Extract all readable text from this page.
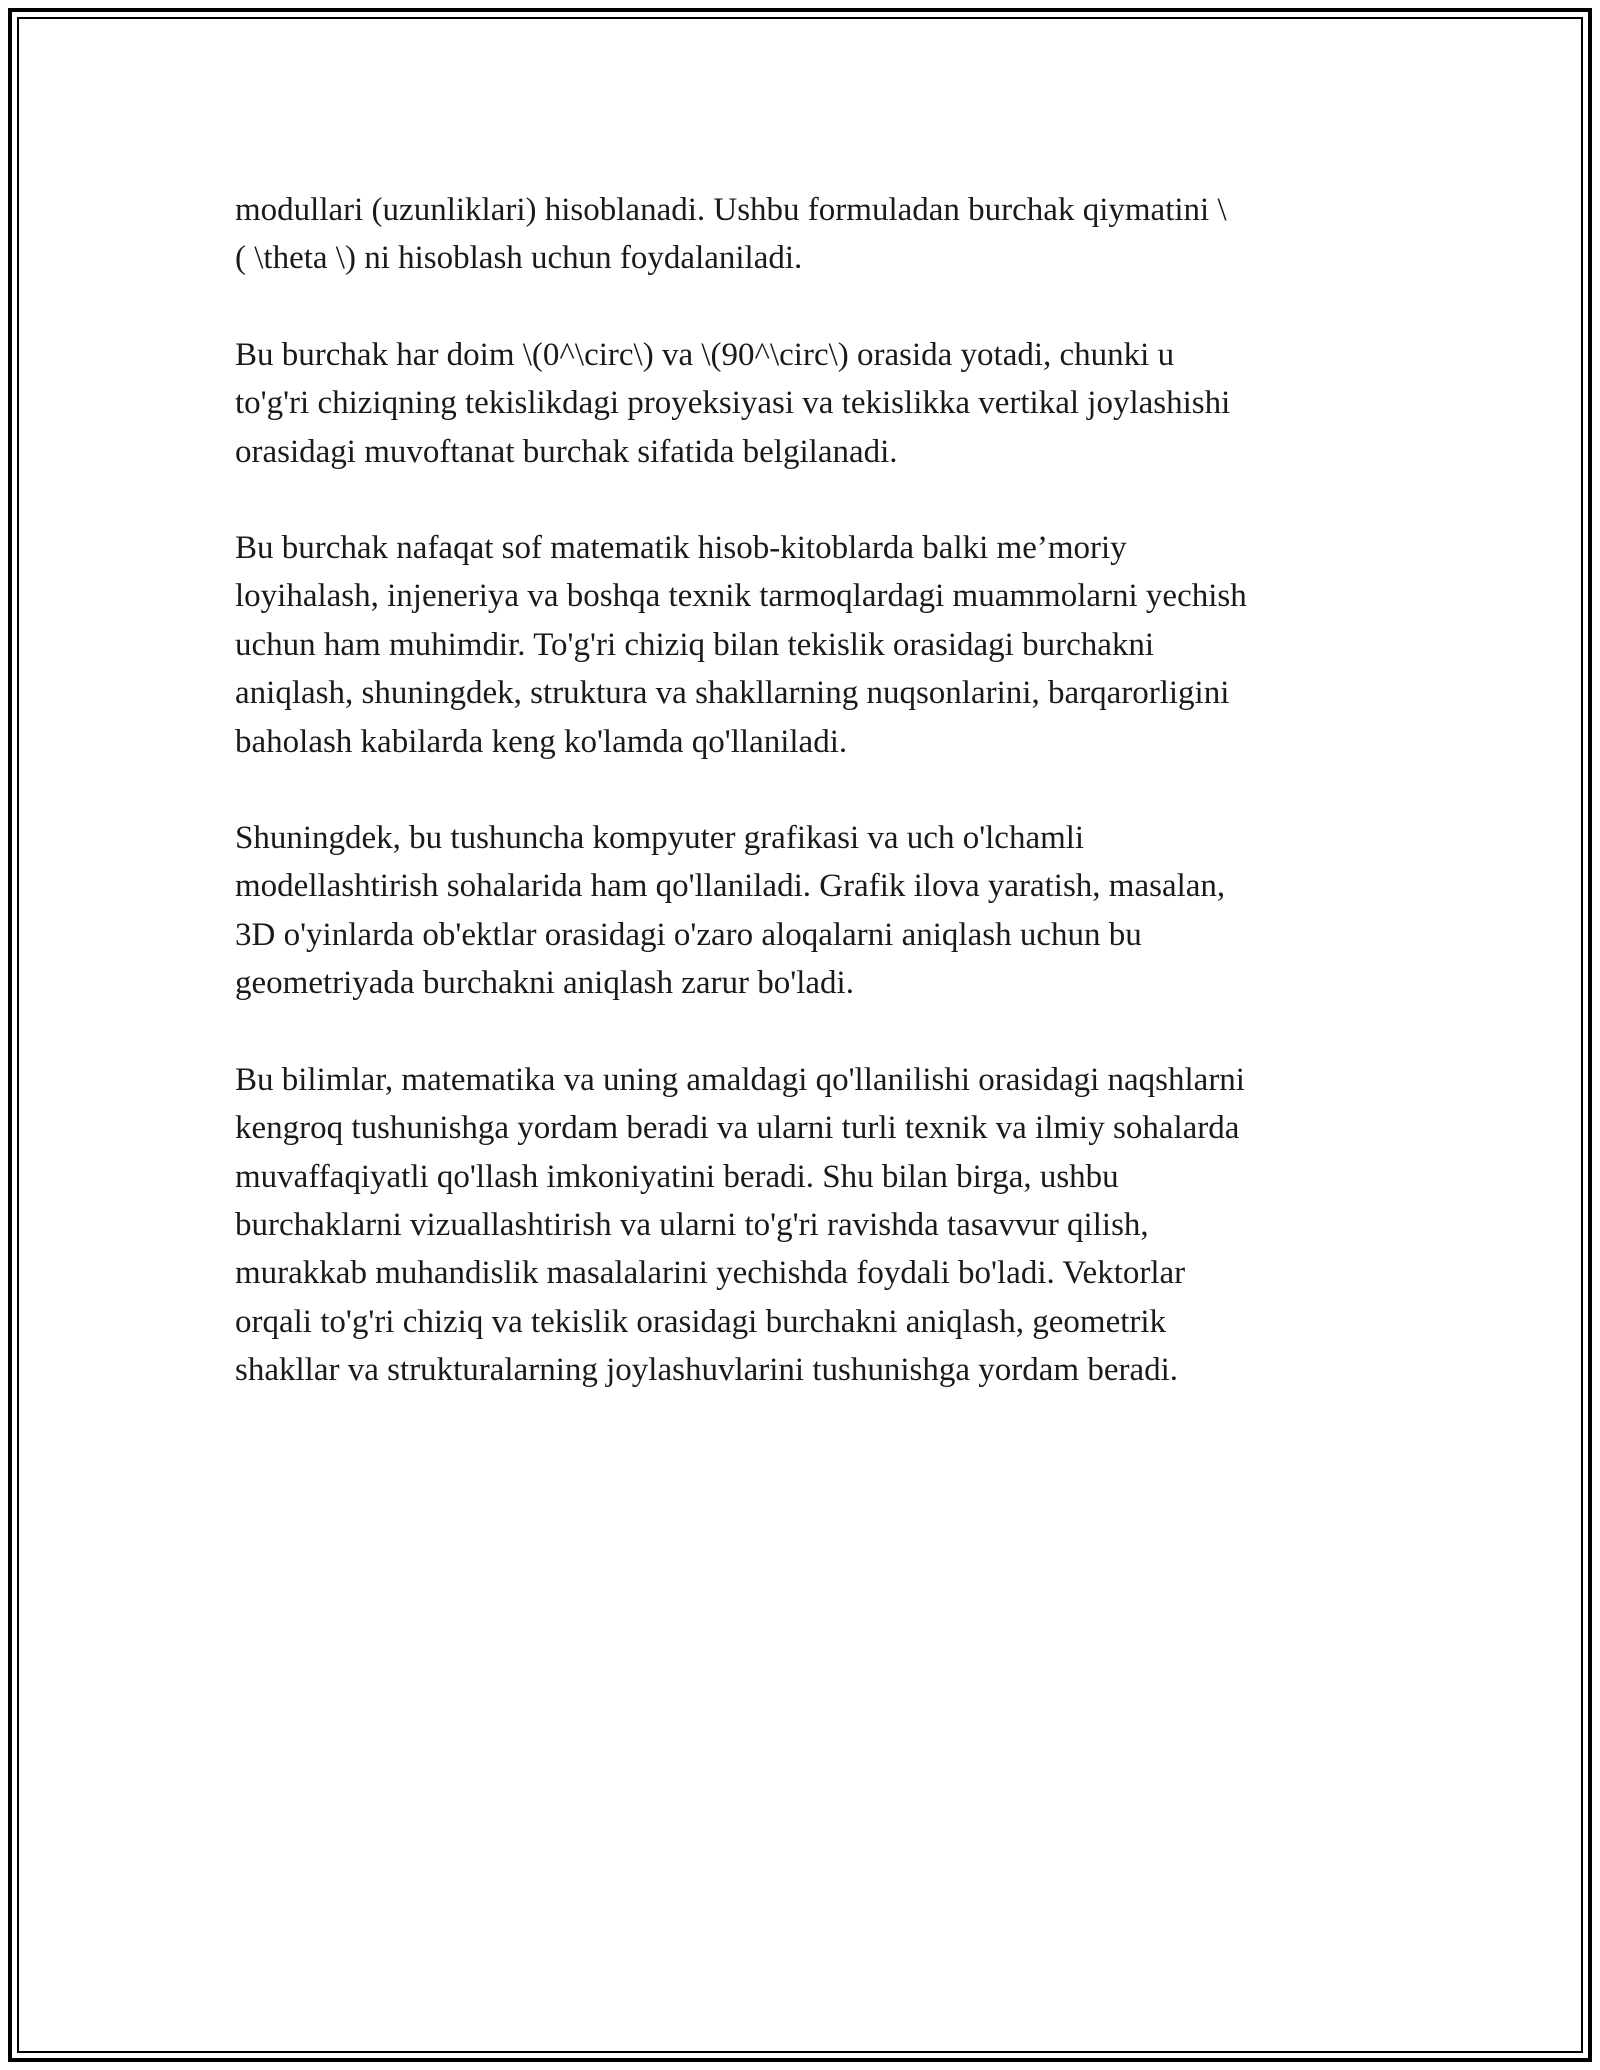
modullari (uzunliklari) hisoblanadi. Ushbu formuladan burchak qiymatini \
( \theta \) ni hisoblash uchun foydalaniladi.

Bu burchak har doim \(0^\circ\) va \(90^\circ\) orasida yotadi, chunki u
to'g'ri chiziqning tekislikdagi proyeksiyasi va tekislikka vertikal joylashishi
orasidagi muvoftanat burchak sifatida belgilanadi.

Bu burchak nafaqat sof matematik hisob-kitoblarda balki me’moriy
loyihalash, injeneriya va boshqa texnik tarmoqlardagi muammolarni yechish
uchun ham muhimdir. To'g'ri chiziq bilan tekislik orasidagi burchakni
aniqlash, shuningdek, struktura va shakllarning nuqsonlarini, barqarorligini
baholash kabilarda keng ko'lamda qo'llaniladi.

Shuningdek, bu tushuncha kompyuter grafikasi va uch o'lchamli
modellashtirish sohalarida ham qo'llaniladi. Grafik ilova yaratish, masalan,
3D o'yinlarda ob'ektlar orasidagi o'zaro aloqalarni aniqlash uchun bu
geometriyada burchakni aniqlash zarur bo'ladi.

Bu bilimlar, matematika va uning amaldagi qo'llanilishi orasidagi naqshlarni
kengroq tushunishga yordam beradi va ularni turli texnik va ilmiy sohalarda
muvaffaqiyatli qo'llash imkoniyatini beradi. Shu bilan birga, ushbu
burchaklarni vizuallashtirish va ularni to'g'ri ravishda tasavvur qilish,
murakkab muhandislik masalalarini yechishda foydali bo'ladi. Vektorlar
orqali to'g'ri chiziq va tekislik orasidagi burchakni aniqlash, geometrik
shakllar va strukturalarning joylashuvlarini tushunishga yordam beradi.
